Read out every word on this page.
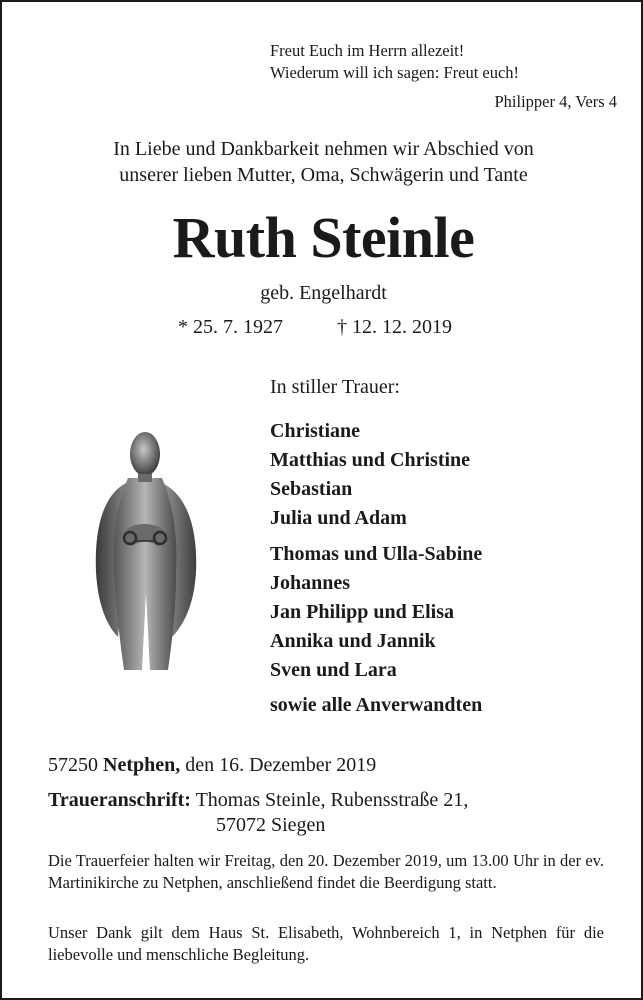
Freut Euch im Herrn allezeit!
Wiederum will ich sagen: Freut euch!
Philipper 4, Vers 4
In Liebe und Dankbarkeit nehmen wir Abschied von
unserer lieben Mutter, Oma, Schwägerin und Tante
Ruth Steinle
geb. Engelhardt
* 25. 7. 1927	† 12. 12. 2019
In stiller Trauer:
Christiane
Matthias und Christine
Sebastian
Julia und Adam
Thomas und Ulla-Sabine
Johannes
Jan Philipp und Elisa
Annika und Jannik
Sven und Lara
sowie alle Anverwandten
57250 Netphen, den 16. Dezember 2019
Traueranschrift: Thomas Steinle, Rubensstraße 21,
57072 Siegen
Die Trauerfeier halten wir Freitag, den 20. Dezember 2019, um 13.00 Uhr in der ev. Martinikirche zu Netphen, anschließend findet die Beerdigung statt.
Unser Dank gilt dem Haus St. Elisabeth, Wohnbereich 1, in Netphen für die liebevolle und menschliche Begleitung.
